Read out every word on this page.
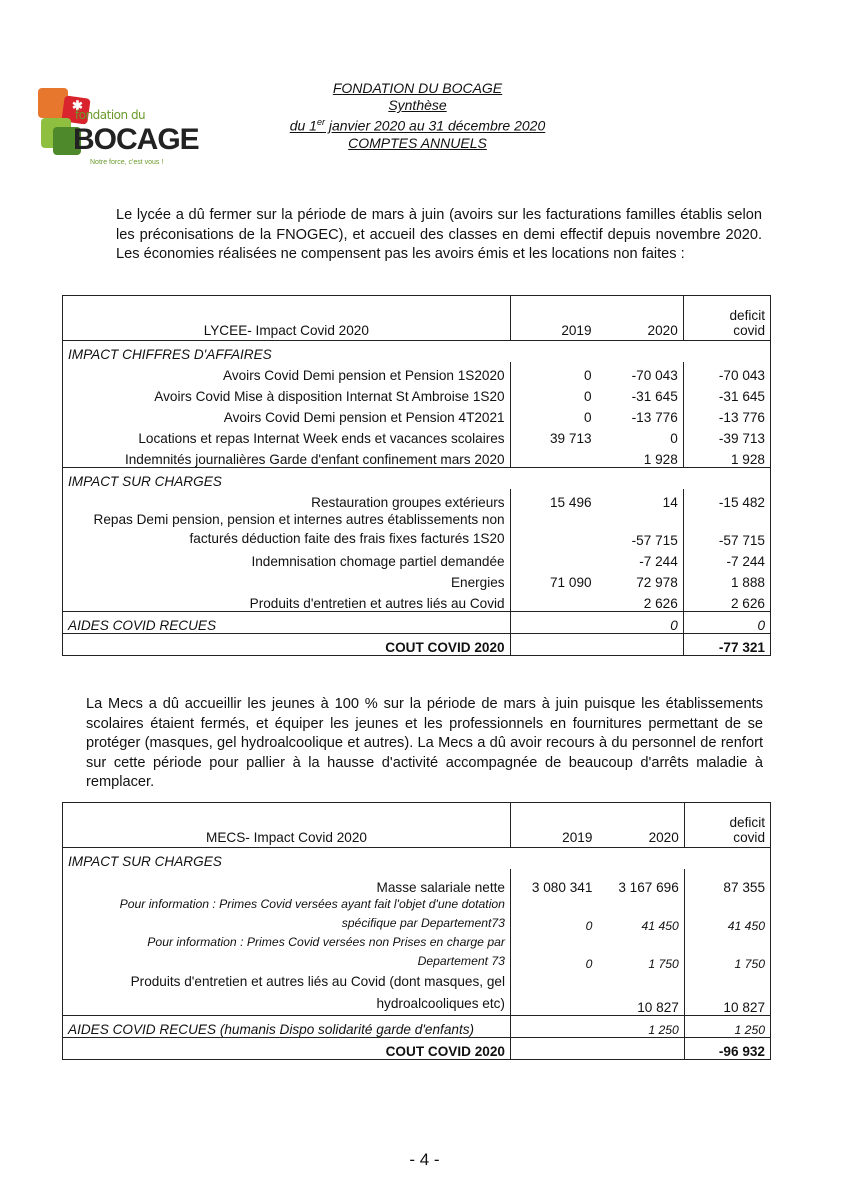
✱
fondation du
BOCAGE
Notre force, c'est vous !
FONDATION DU BOCAGE
Synthèse
du 1er janvier 2020 au 31 décembre 2020
COMPTES ANNUELS
Le lycée a dû fermer sur la période de mars à juin (avoirs sur les facturations familles établis selon les préconisations de la FNOGEC), et accueil des classes en demi effectif depuis novembre 2020. Les économies réalisées ne compensent pas les avoirs émis et les locations non faites :
LYCEE- Impact Covid 2020	2019	2020	deficit
covid
IMPACT CHIFFRES D'AFFAIRES			
Avoirs Covid Demi pension et Pension 1S2020	0	-70 043	-70 043
Avoirs Covid Mise à disposition Internat St Ambroise 1S20	0	-31 645	-31 645
Avoirs Covid Demi pension et Pension 4T2021	0	-13 776	-13 776
Locations et repas Internat Week ends et vacances scolaires	39 713	0	-39 713
Indemnités journalières Garde d'enfant confinement mars 2020		1 928	1 928
IMPACT SUR CHARGES			
Restauration groupes extérieurs	15 496	14	-15 482
Repas Demi pension, pension et internes autres établissements non
facturés déduction faite des frais fixes facturés 1S20		-57 715	-57 715
Indemnisation chomage partiel demandée		-7 244	-7 244
Energies	71 090	72 978	1 888
Produits d'entretien et autres liés au Covid		2 626	2 626
AIDES COVID RECUES		0	0
COUT COVID 2020			-77 321
La Mecs a dû accueillir les jeunes à 100 % sur la période de mars à juin puisque les établissements scolaires étaient fermés, et équiper les jeunes et les professionnels en fournitures permettant de se protéger (masques, gel hydroalcoolique et autres). La Mecs a dû avoir recours à du personnel de renfort sur cette période pour pallier à la hausse d'activité accompagnée de beaucoup d'arrêts maladie à remplacer.
MECS- Impact Covid 2020	2019	2020	deficit
covid
IMPACT SUR CHARGES			
Masse salariale nette	3 080 341	3 167 696	87 355
Pour information : Primes Covid versées ayant fait l'objet d'une dotation
spécifique par Departement73	0	41 450	41 450
Pour information : Primes Covid versées non Prises en charge par
Departement 73	0	1 750	1 750
Produits d'entretien et autres liés au Covid (dont masques, gel
hydroalcooliques etc)		10 827	10 827
AIDES COVID RECUES (humanis Dispo solidarité garde d'enfants)		1 250	1 250
COUT COVID 2020			-96 932
- 4 -
